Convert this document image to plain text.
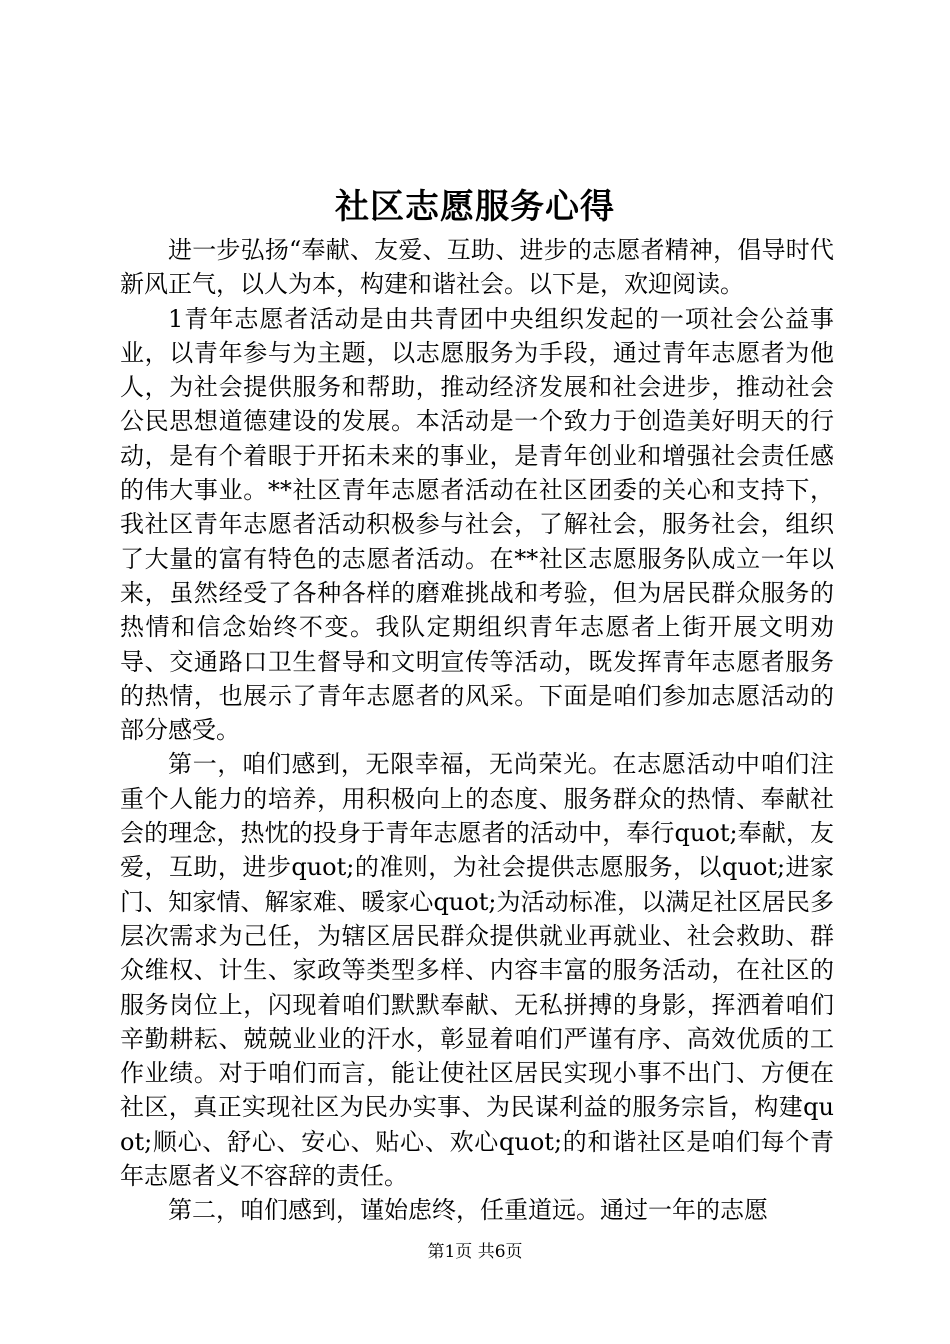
社区志愿服务心得

进一步弘扬“奉献、友爱、互助、进步的志愿者精神，倡导时代新风正气，以人为本，构建和谐社会。以下是，欢迎阅读。

1青年志愿者活动是由共青团中央组织发起的一项社会公益事业，以青年参与为主题，以志愿服务为手段，通过青年志愿者为他人，为社会提供服务和帮助，推动经济发展和社会进步，推动社会公民思想道德建设的发展。本活动是一个致力于创造美好明天的行动，是有个着眼于开拓未来的事业，是青年创业和增强社会责任感的伟大事业。**社区青年志愿者活动在社区团委的关心和支持下，我社区青年志愿者活动积极参与社会，了解社会，服务社会，组织了大量的富有特色的志愿者活动。在**社区志愿服务队成立一年以来，虽然经受了各种各样的磨难挑战和考验，但为居民群众服务的热情和信念始终不变。我队定期组织青年志愿者上街开展文明劝导、交通路口卫生督导和文明宣传等活动，既发挥青年志愿者服务的热情，也展示了青年志愿者的风采。下面是咱们参加志愿活动的部分感受。

第一，咱们感到，无限幸福，无尚荣光。在志愿活动中咱们注重个人能力的培养，用积极向上的态度、服务群众的热情、奉献社会的理念，热忱的投身于青年志愿者的活动中，奉行quot;奉献，友爱，互助，进步quot;的准则，为社会提供志愿服务，以quot;进家门、知家情、解家难、暖家心quot;为活动标准，以满足社区居民多层次需求为己任，为辖区居民群众提供就业再就业、社会救助、群众维权、计生、家政等类型多样、内容丰富的服务活动，在社区的服务岗位上，闪现着咱们默默奉献、无私拼搏的身影，挥洒着咱们辛勤耕耘、兢兢业业的汗水，彰显着咱们严谨有序、高效优质的工作业绩。对于咱们而言，能让使社区居民实现小事不出门、方便在社区，真正实现社区为民办实事、为民谋利益的服务宗旨，构建quot;顺心、舒心、安心、贴心、欢心quot;的和谐社区是咱们每个青年志愿者义不容辞的责任。

第二，咱们感到，谨始虑终，任重道远。通过一年的志愿

第1页 共6页
